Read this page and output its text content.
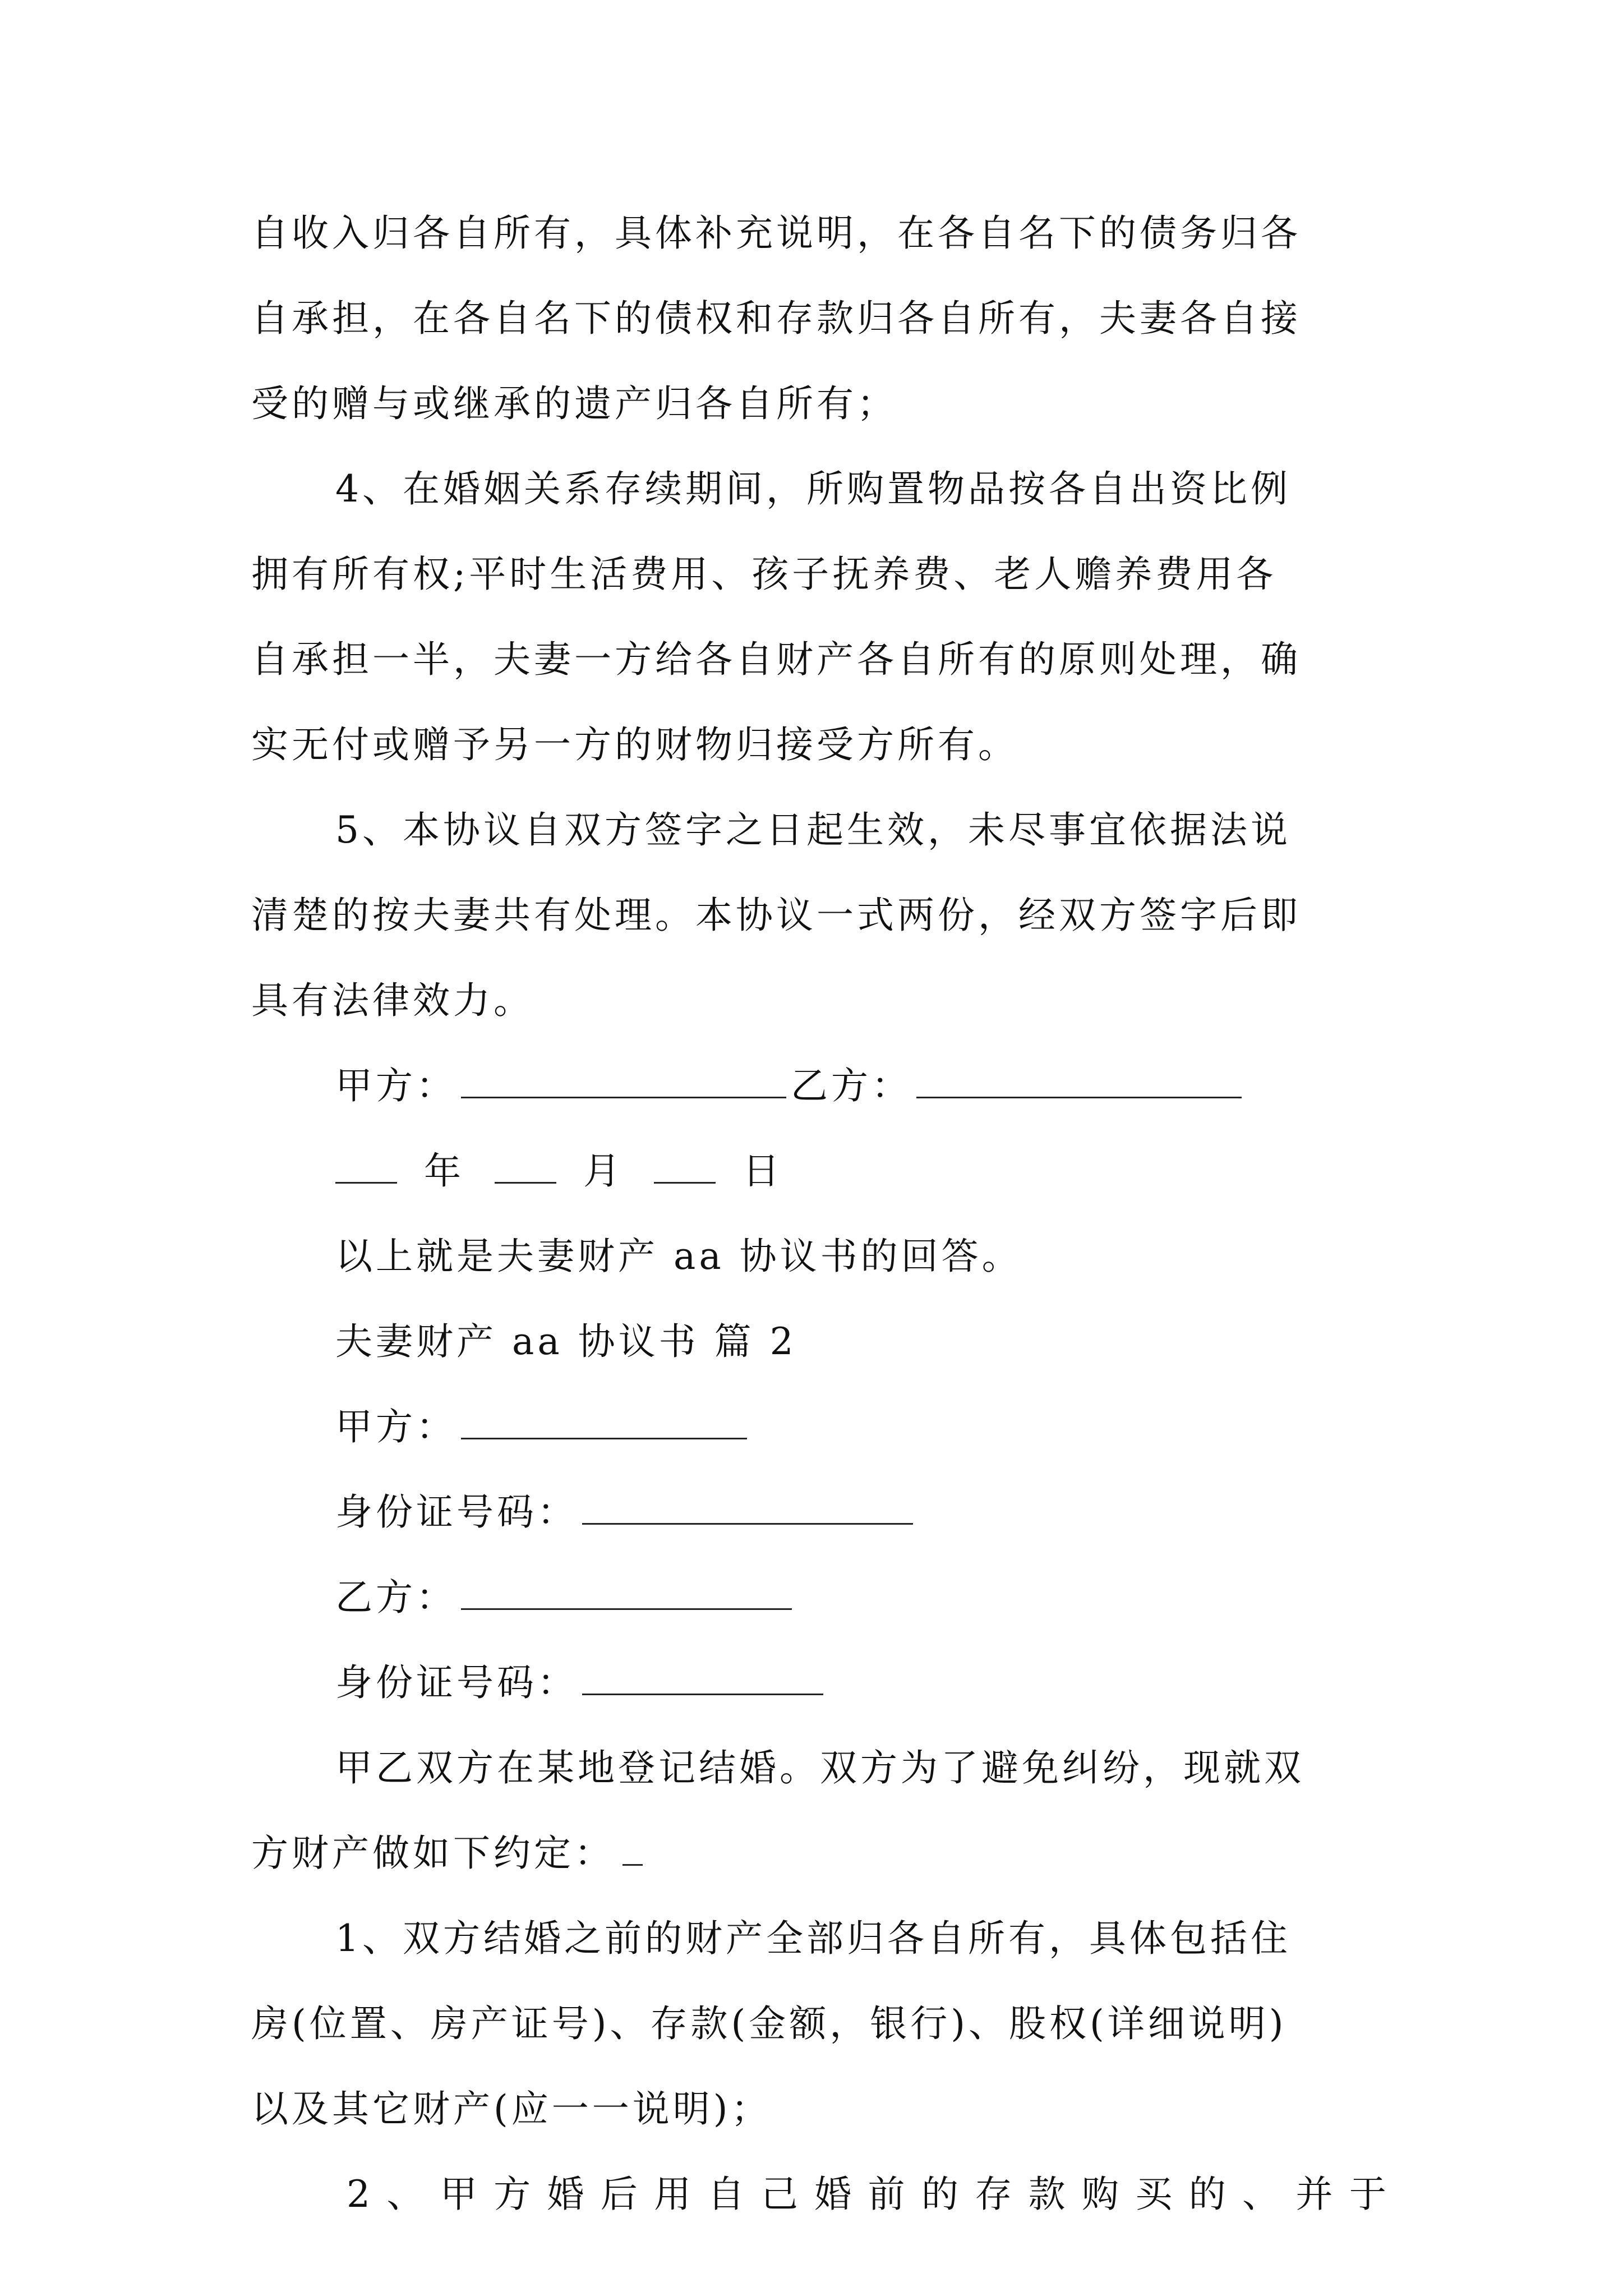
自收入归各自所有，具体补充说明，在各自名下的债务归各
自承担，在各自名下的债权和存款归各自所有，夫妻各自接
受的赠与或继承的遗产归各自所有；
4、在婚姻关系存续期间，所购置物品按各自出资比例
拥有所有权;平时生活费用、孩子抚养费、老人赡养费用各
自承担一半，夫妻一方给各自财产各自所有的原则处理，确
实无付或赠予另一方的财物归接受方所有。
5、本协议自双方签字之日起生效，未尽事宜依据法说
清楚的按夫妻共有处理。本协议一式两份，经双方签字后即
具有法律效力。
甲方：	乙方：
年	月	日
以上就是夫妻财产 aa 协议书的回答。
夫妻财产 aa 协议书 篇 2
甲方：
身份证号码：
乙方：
身份证号码：
甲乙双方在某地登记结婚。双方为了避免纠纷，现就双
方财产做如下约定：
1、双方结婚之前的财产全部归各自所有，具体包括住
房(位置、房产证号)、存款(金额，银行)、股权(详细说明)
以及其它财产(应一一说明)；
2 、 甲 方 婚 后 用 自 己 婚 前 的 存 款 购 买 的 、 并 于
